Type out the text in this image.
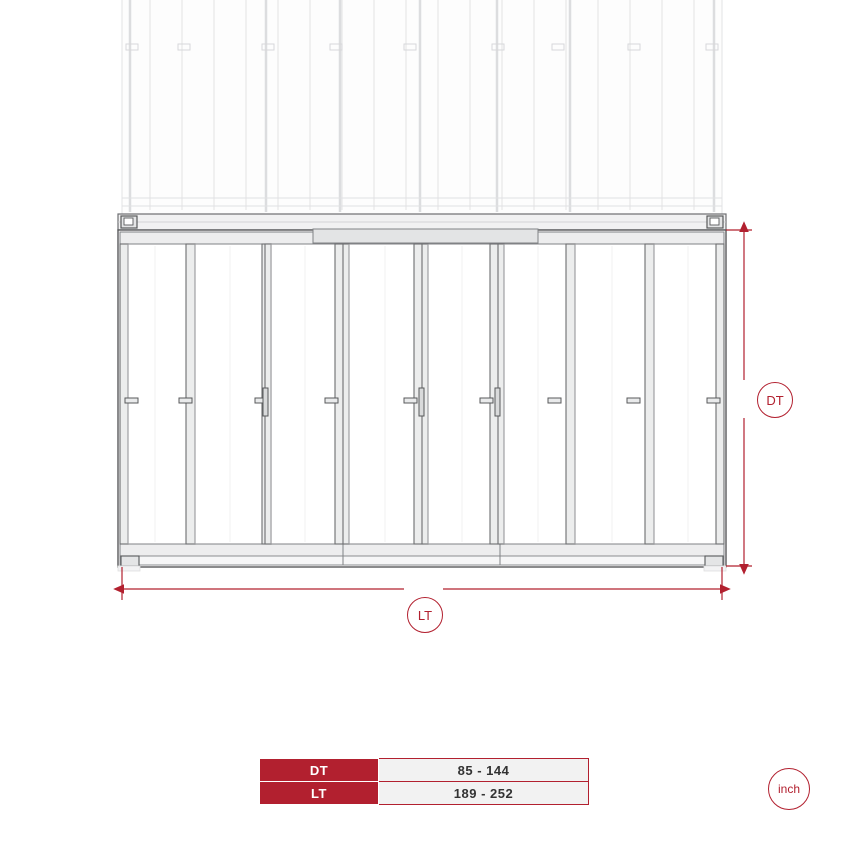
DT
LT
DT	85 - 144
LT	189 - 252	inch
